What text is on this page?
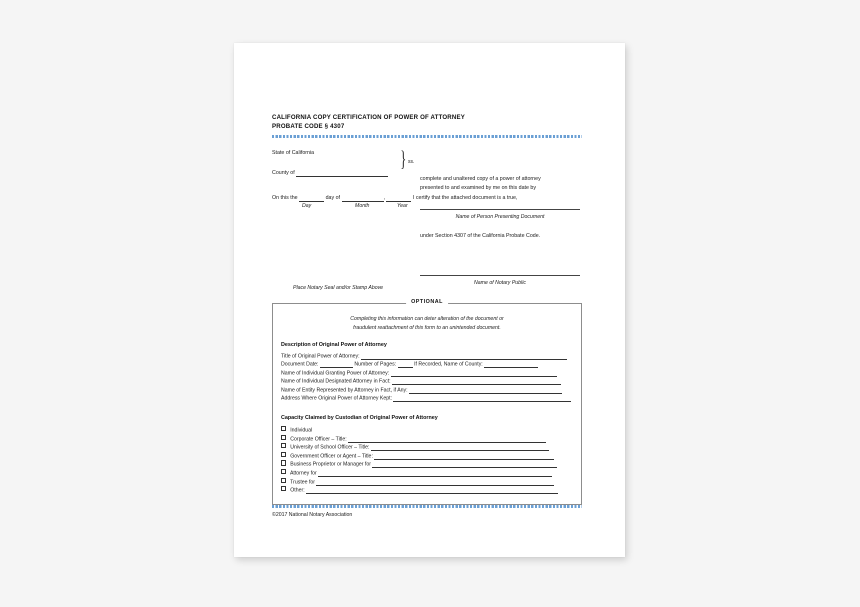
CALIFORNIA COPY CERTIFICATION OF POWER OF ATTORNEY
PROBATE CODE § 4307
} ss.
State of California
County of
On this the	day of	,	I certify that the attached document is a true,
Day	Month	Year
complete and unaltered copy of a power of attorney
presented to and examined by me on this date by
Name of Person Presenting Document
under Section 4307 of the California Probate Code.
Place Notary Seal and/or Stamp Above
Name of Notary Public
OPTIONAL
Completing this information can deter alteration of the document or
fraudulent reattachment of this form to an unintended document.
Description of Original Power of Attorney
Title of Original Power of Attorney:
Document Date:	Number of Pages:	If Recorded, Name of County:
Name of Individual Granting Power of Attorney:
Name of Individual Designated Attorney in Fact:
Name of Entity Represented by Attorney in Fact, if Any:
Address Where Original Power of Attorney Kept:
Capacity Claimed by Custodian of Original Power of Attorney
Individual
Corporate Officer – Title:
University of School Officer – Title:
Government Officer or Agent – Title:
Business Proprietor or Manager for
Attorney for
Trustee for
Other:
©2017 National Notary Association
